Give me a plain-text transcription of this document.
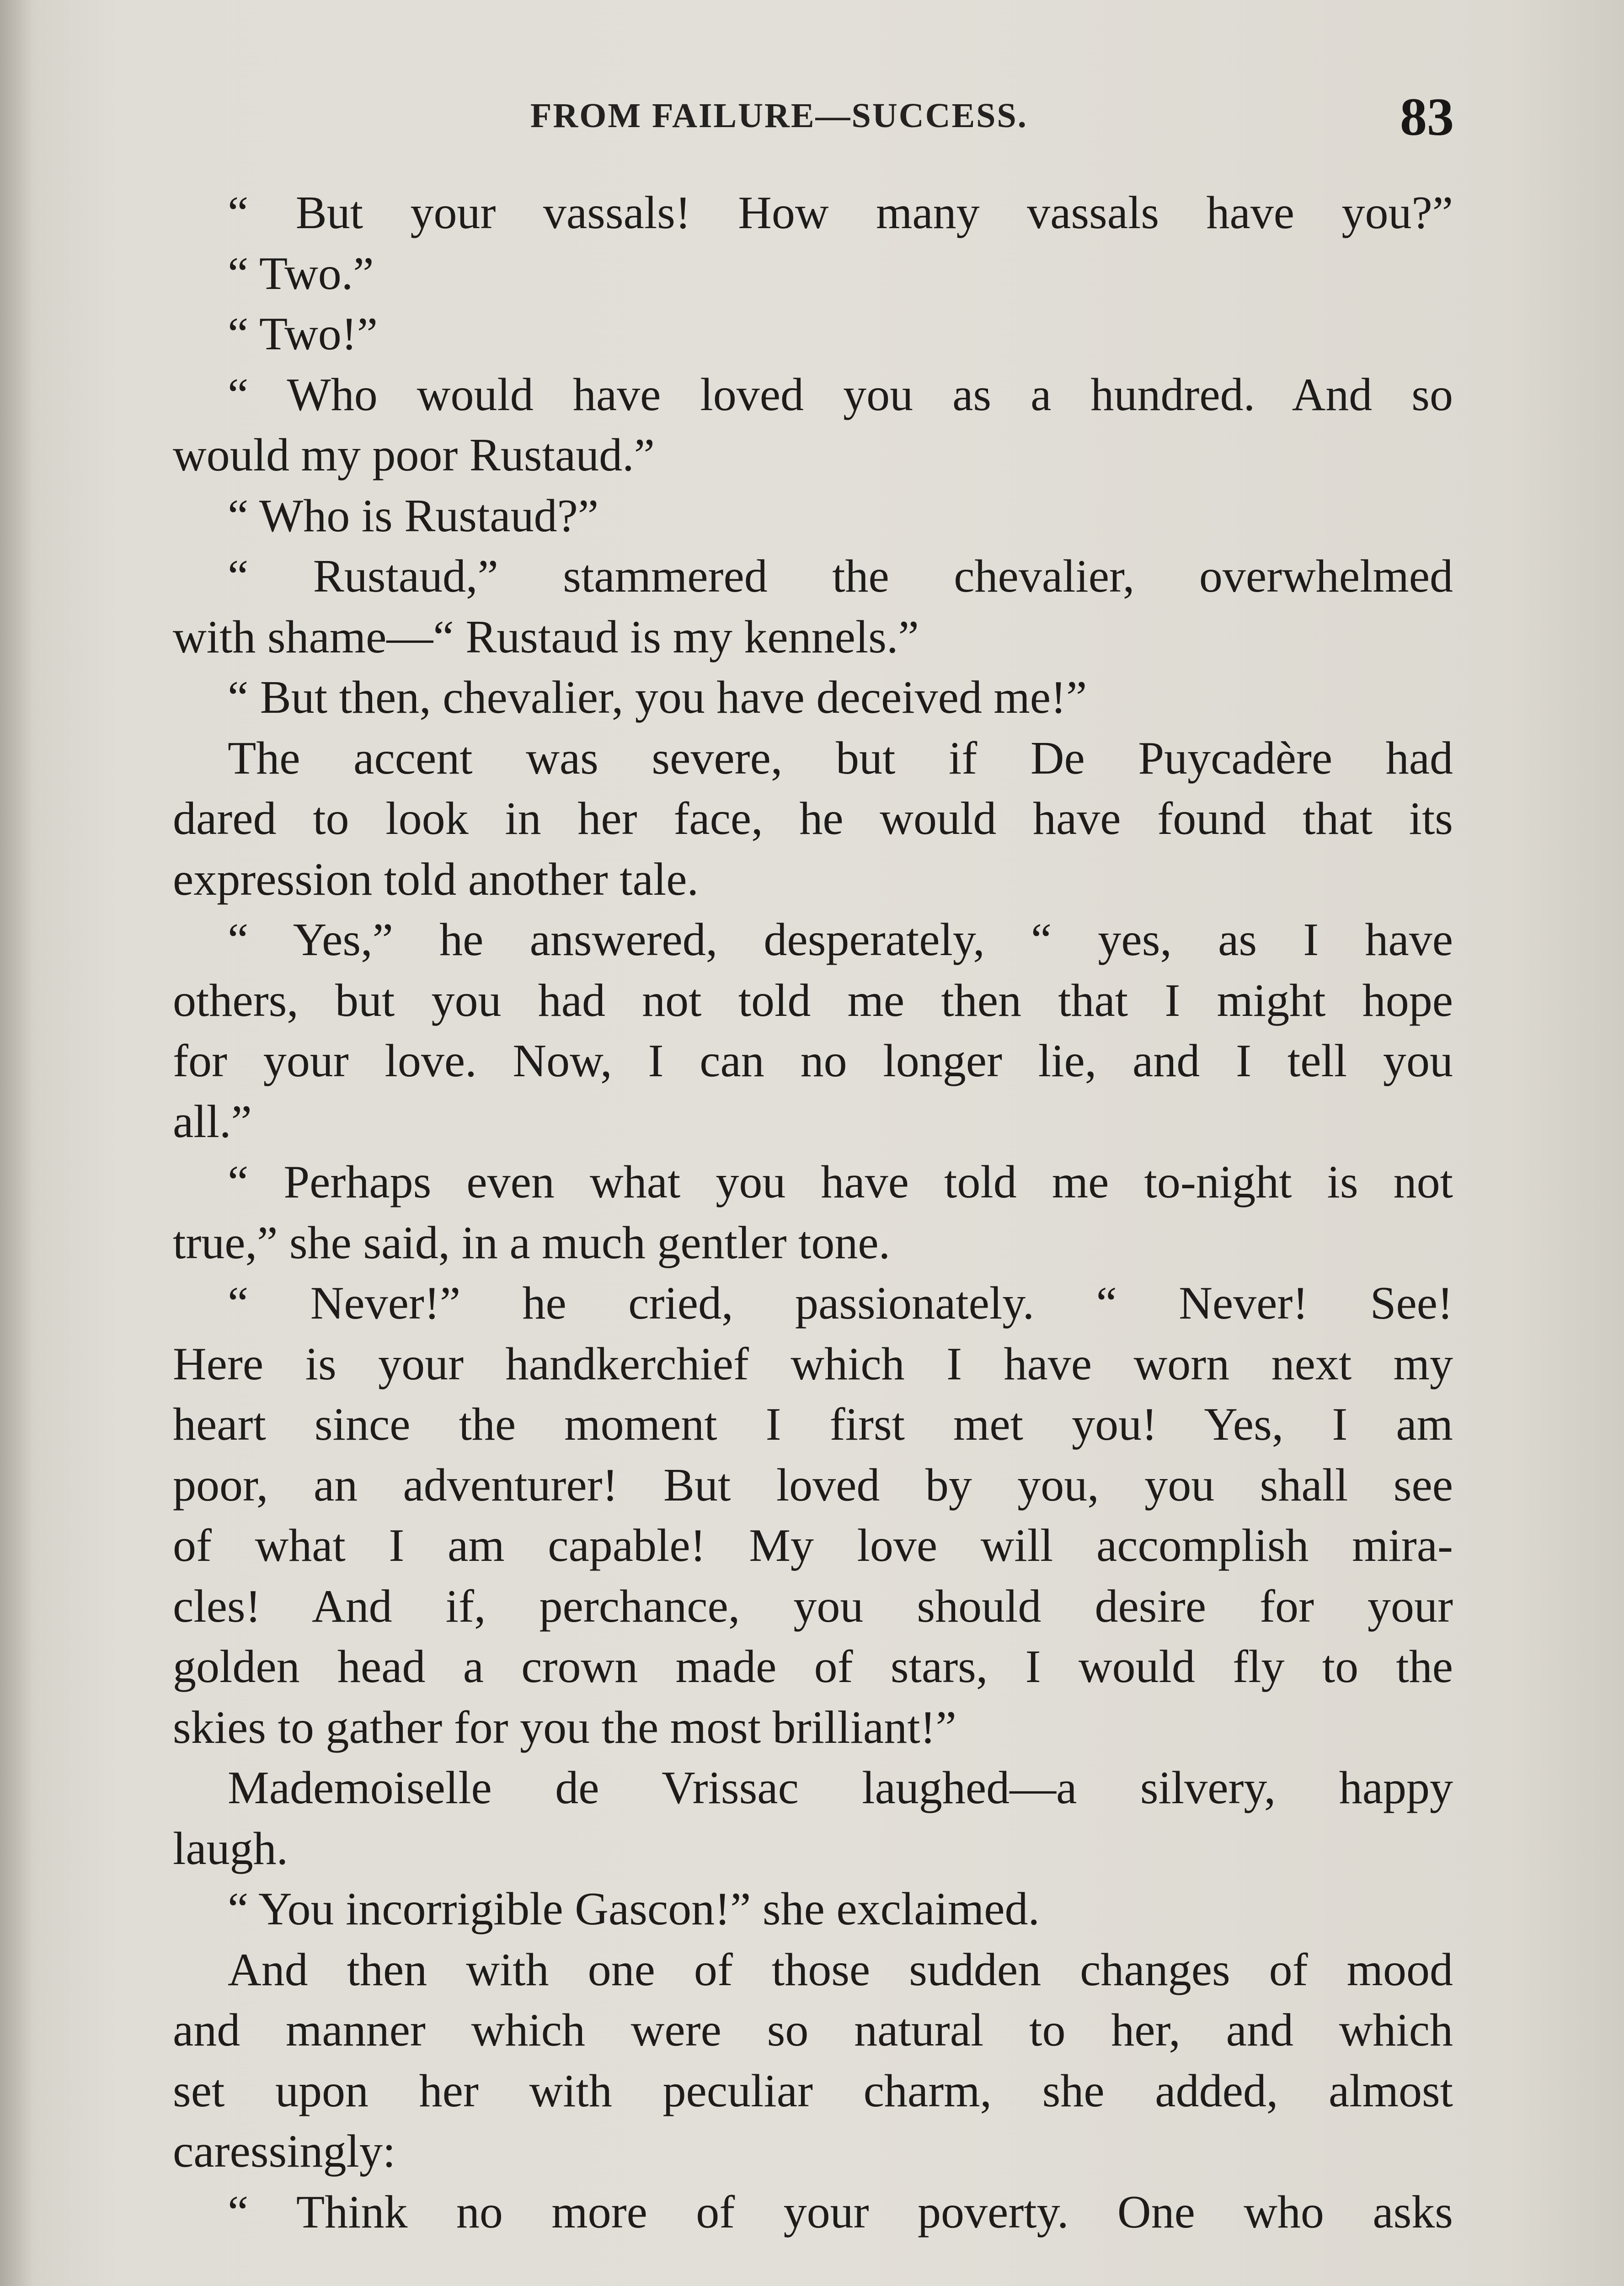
FROM FAILURE—SUCCESS.	83
“ But your vassals! How many vassals have you?”
“ Two.”
“ Two!”
“ Who would have loved you as a hundred. And so
would my poor Rustaud.”
“ Who is Rustaud?”
“ Rustaud,” stammered the chevalier, overwhelmed
with shame—“ Rustaud is my kennels.”
“ But then, chevalier, you have deceived me!”
The accent was severe, but if De Puycadère had
dared to look in her face, he would have found that its
expression told another tale.
“ Yes,” he answered, desperately, “ yes, as I have
others, but you had not told me then that I might hope
for your love. Now, I can no longer lie, and I tell you
all.”
“ Perhaps even what you have told me to-night is not
true,” she said, in a much gentler tone.
“ Never!” he cried, passionately. “ Never! See!
Here is your handkerchief which I have worn next my
heart since the moment I first met you! Yes, I am
poor, an adventurer! But loved by you, you shall see
of what I am capable! My love will accomplish mira-
cles! And if, perchance, you should desire for your
golden head a crown made of stars, I would fly to the
skies to gather for you the most brilliant!”
Mademoiselle de Vrissac laughed—a silvery, happy
laugh.
“ You incorrigible Gascon!” she exclaimed.
And then with one of those sudden changes of mood
and manner which were so natural to her, and which
set upon her with peculiar charm, she added, almost
caressingly:
“ Think no more of your poverty. One who asks
